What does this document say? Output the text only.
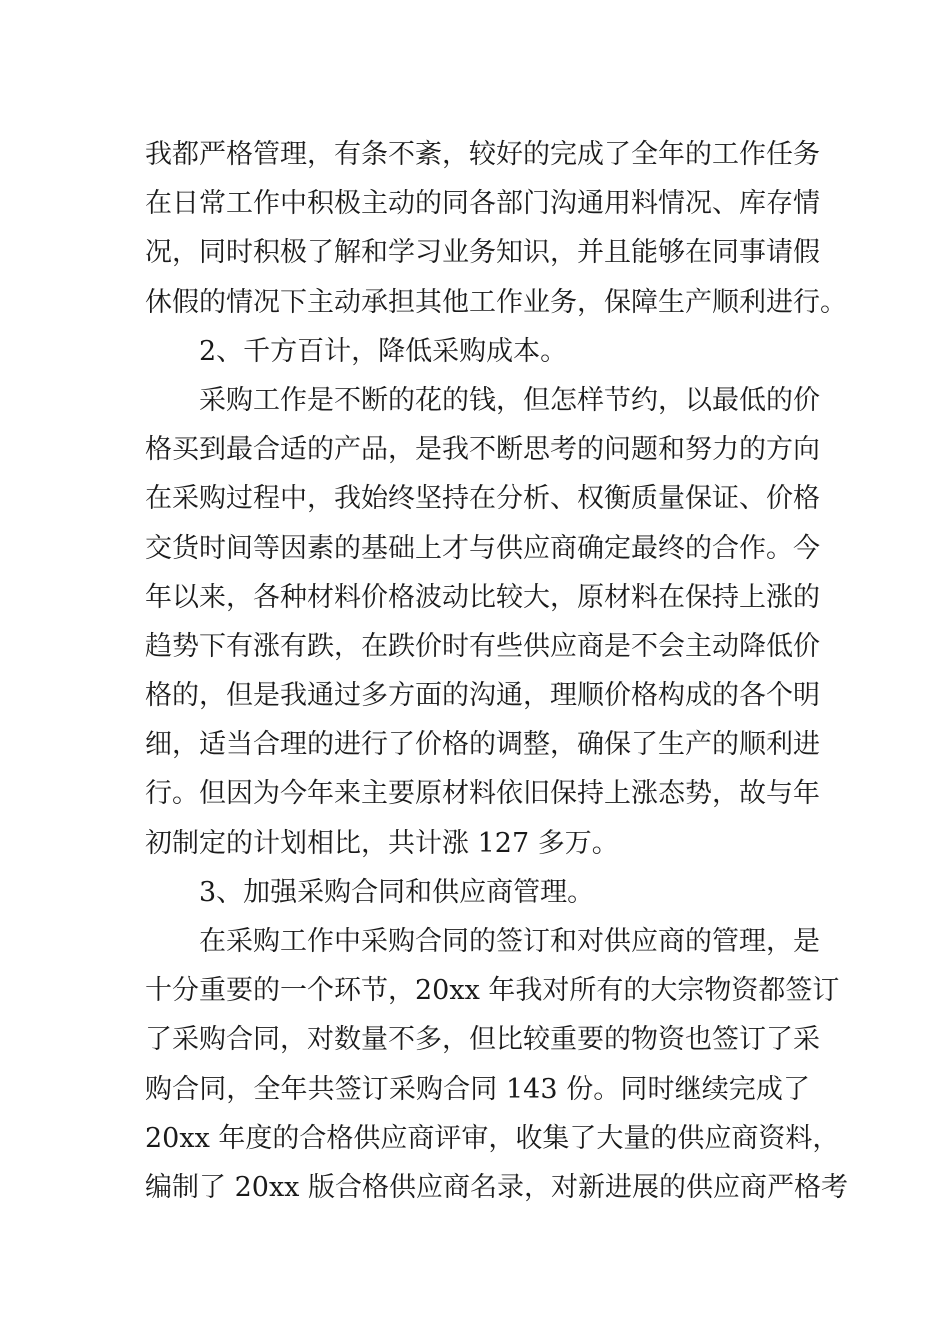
我都严格管理，有条不紊，较好的完成了全年的工作任务
在日常工作中积极主动的同各部门沟通用料情况、库存情
况，同时积极了解和学习业务知识，并且能够在同事请假
休假的情况下主动承担其他工作业务，保障生产顺利进行。
2、千方百计，降低采购成本。
采购工作是不断的花的钱，但怎样节约，以最低的价
格买到最合适的产品，是我不断思考的问题和努力的方向
在采购过程中，我始终坚持在分析、权衡质量保证、价格
交货时间等因素的基础上才与供应商确定最终的合作。今
年以来，各种材料价格波动比较大，原材料在保持上涨的
趋势下有涨有跌，在跌价时有些供应商是不会主动降低价
格的，但是我通过多方面的沟通，理顺价格构成的各个明
细，适当合理的进行了价格的调整，确保了生产的顺利进
行。但因为今年来主要原材料依旧保持上涨态势，故与年
初制定的计划相比，共计涨 127 多万。
3、加强采购合同和供应商管理。
在采购工作中采购合同的签订和对供应商的管理，是
十分重要的一个环节，20xx 年我对所有的大宗物资都签订
了采购合同，对数量不多，但比较重要的物资也签订了采
购合同，全年共签订采购合同 143 份。同时继续完成了
20xx 年度的合格供应商评审，收集了大量的供应商资料，
编制了 20xx 版合格供应商名录，对新进展的供应商严格考
